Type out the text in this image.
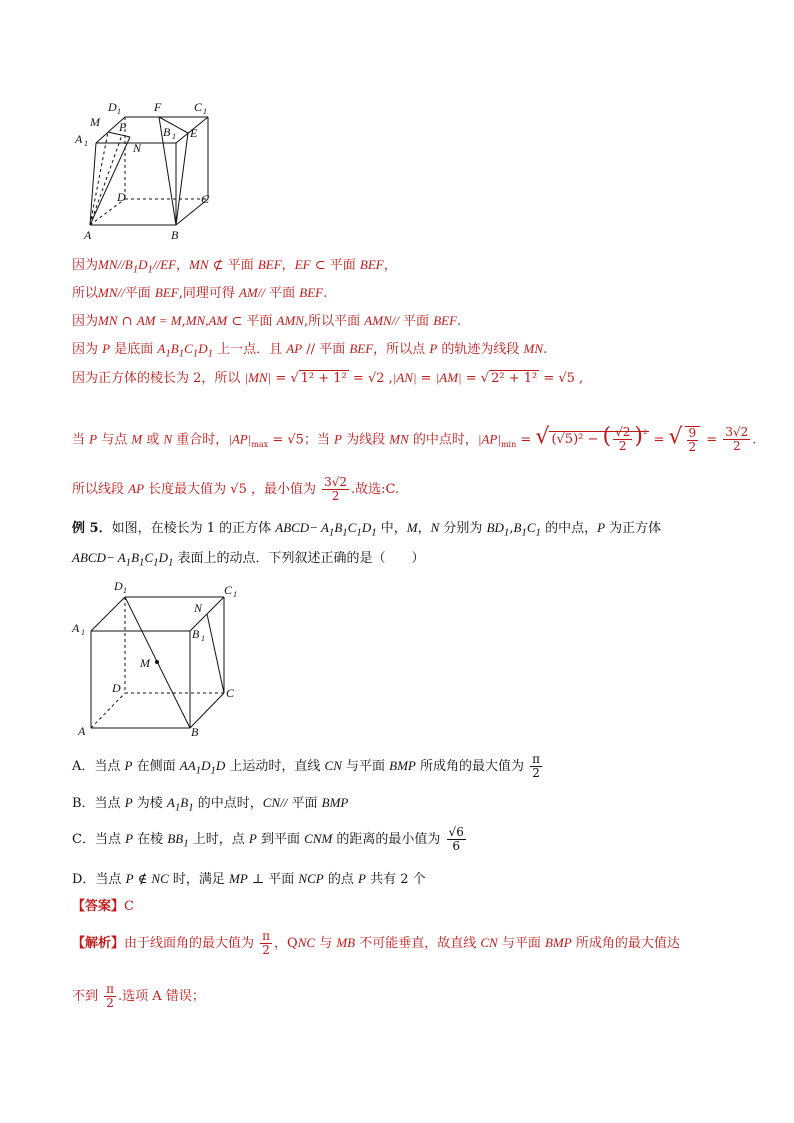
D 1	F	C 1
M P
A 1
B 1 E
N
D	C
A	B
因为$MN//B_1D_1//EF$，MN ⊄ 平面 BEF，EF ⊂ 平面 BEF，
所以MN//平面 BEF,同理可得 AM// 平面 BEF.
因为MN ∩ AM = M,MN,AM ⊂ 平面 AMN,所以平面 AMN// 平面 BEF.
因为 P 是底面 $A_1B_1C_1D_1$ 上一点．且 AP // 平面 BEF，所以点 P 的轨迹为线段 MN.
因为正方体的棱长为 2，所以 |MN| = √ 1² + 1² = √2 ,|AN| = |AM| = √ 2² + 1² = √5 ,
当 P 与点 M 或 N 重合时，$|AP|_{max} = √5$；当 P 为线段 MN 的中点时，$|AP|_{min}$ = √ (√5)² − ( $\frac{√2}{2} )^{^2}$ = √ $\frac{9}{2} = \frac{3√2}{2}$ .
所以线段 AP 长度最大值为 √5 ，最小值为 $\frac{3√2}{2}$ .故选:C.
例 5．如图，在棱长为 1 的正方体 ABCD− $A_1B_1C_1D_1$ 中，M，N 分别为 $BD_1,B_1C_1$ 的中点，P 为正方体
ABCD− $A_1B_1C_1D_1$ 表面上的动点．下列叙述正确的是（　　）
D 1	C 1
N
A 1	B 1
M
D	C
A	B
A．当点 P 在侧面 $AA_1D_1D$ 上运动时，直线 CN 与平面 BMP 所成角的最大值为 $\frac{\pi}{2}$
B．当点 P 为棱 $A_1B_1$ 的中点时，CN// 平面 BMP
C．当点 P 在棱 $BB_1$ 上时，点 P 到平面 CNM 的距离的最小值为 $\frac{√6}{6}$
D．当点 P ∉ NC 时，满足 MP ⊥ 平面 NCP 的点 P 共有 2 个
【答案】C
【解析】由于线面角的最大值为 $\frac{\pi}{2}$ ，QNC 与 MB 不可能垂直，故直线 CN 与平面 BMP 所成角的最大值达
不到 $\frac{\pi}{2}$ .选项 A 错误；
